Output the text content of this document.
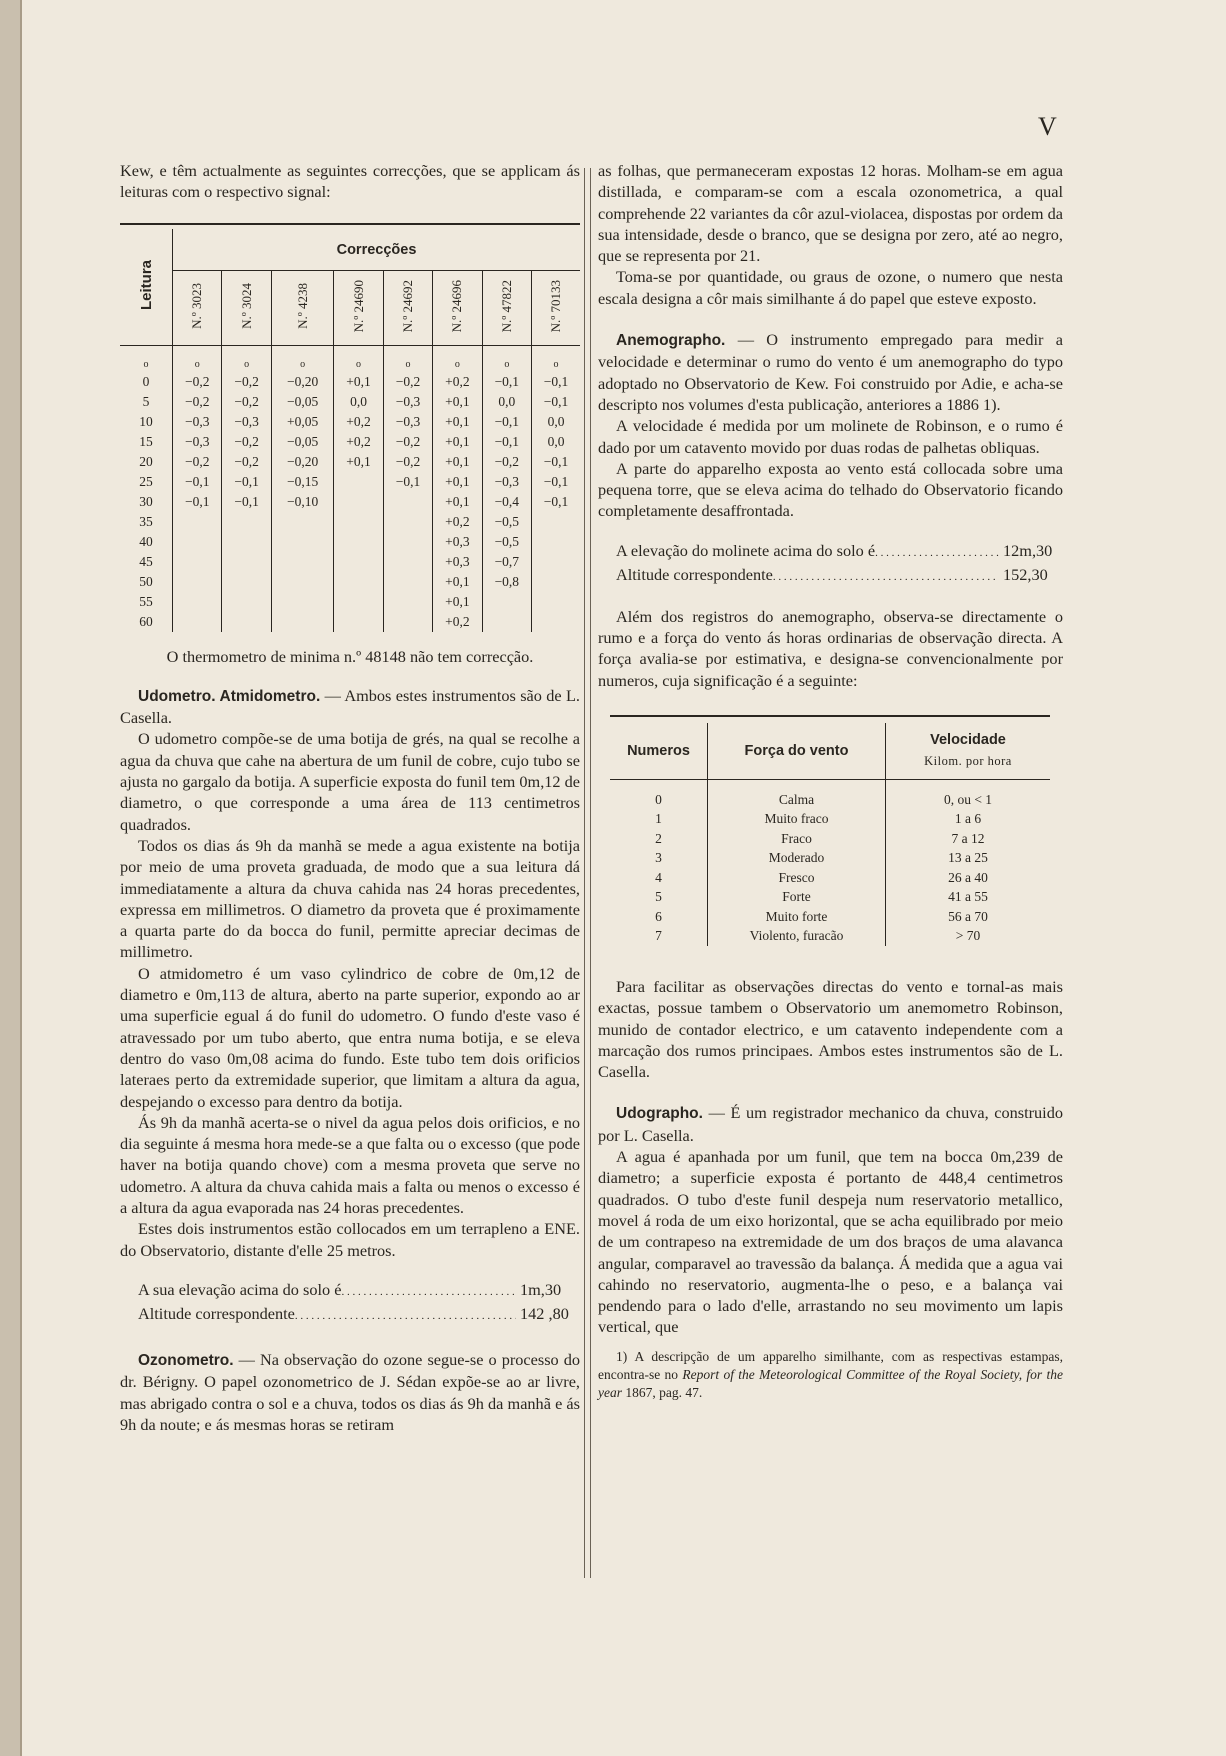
V

Kew, e têm actualmente as seguintes correcções, que se applicam ás leituras com o respectivo signal:

Leitura	Correcções							
	N.º 3023	N.º 3024	N.º 4238	N.º 24690	N.º 24692	N.º 24696	N.º 47822	N.º 70133
o	o	o	o	o	o	o	o	o
0	−0,2	−0,2	−0,20	+0,1	−0,2	+0,2	−0,1	−0,1
5	−0,2	−0,2	−0,05	0,0	−0,3	+0,1	0,0	−0,1
10	−0,3	−0,3	+0,05	+0,2	−0,3	+0,1	−0,1	0,0
15	−0,3	−0,2	−0,05	+0,2	−0,2	+0,1	−0,1	0,0
20	−0,2	−0,2	−0,20	+0,1	−0,2	+0,1	−0,2	−0,1
25	−0,1	−0,1	−0,15		−0,1	+0,1	−0,3	−0,1
30	−0,1	−0,1	−0,10			+0,1	−0,4	−0,1
35						+0,2	−0,5	
40						+0,3	−0,5	
45						+0,3	−0,7	
50						+0,1	−0,8	
55						+0,1		
60						+0,2		

O thermometro de minima n.º 48148 não tem correcção.

Udometro. Atmidometro. — Ambos estes instrumentos são de L. Casella.

O udometro compõe-se de uma botija de grés, na qual se recolhe a agua da chuva que cahe na abertura de um funil de cobre, cujo tubo se ajusta no gargalo da botija. A superficie exposta do funil tem 0m,12 de diametro, o que corresponde a uma área de 113 centimetros quadrados.

Todos os dias ás 9h da manhã se mede a agua existente na botija por meio de uma proveta graduada, de modo que a sua leitura dá immediatamente a altura da chuva cahida nas 24 horas precedentes, expressa em millimetros. O diametro da proveta que é proximamente a quarta parte do da bocca do funil, permitte apreciar decimas de millimetro.

O atmidometro é um vaso cylindrico de cobre de 0m,12 de diametro e 0m,113 de altura, aberto na parte superior, expondo ao ar uma superficie egual á do funil do udometro. O fundo d'este vaso é atravessado por um tubo aberto, que entra numa botija, e se eleva dentro do vaso 0m,08 acima do fundo. Este tubo tem dois orificios lateraes perto da extremidade superior, que limitam a altura da agua, despejando o excesso para dentro da botija.

Ás 9h da manhã acerta-se o nivel da agua pelos dois orificios, e no dia seguinte á mesma hora mede-se a que falta ou o excesso (que pode haver na botija quando chove) com a mesma proveta que serve no udometro. A altura da chuva cahida mais a falta ou menos o excesso é a altura da agua evaporada nas 24 horas precedentes.

Estes dois instrumentos estão collocados em um terrapleno a ENE. do Observatorio, distante d'elle 25 metros.

A sua elevação acima do solo é . . .	1m,30
Altitude correspondente . . .	142 ,80

Ozonometro. — Na observação do ozone segue-se o processo do dr. Bérigny. O papel ozonometrico de J. Sédan expõe-se ao ar livre, mas abrigado contra o sol e a chuva, todos os dias ás 9h da manhã e ás 9h da noute; e ás mesmas horas se retiram

as folhas, que permaneceram expostas 12 horas. Molham-se em agua distillada, e comparam-se com a escala ozonometrica, a qual comprehende 22 variantes da côr azul-violacea, dispostas por ordem da sua intensidade, desde o branco, que se designa por zero, até ao negro, que se representa por 21.

Toma-se por quantidade, ou graus de ozone, o numero que nesta escala designa a côr mais similhante á do papel que esteve exposto.

Anemographo. — O instrumento empregado para medir a velocidade e determinar o rumo do vento é um anemographo do typo adoptado no Observatorio de Kew. Foi construido por Adie, e acha-se descripto nos volumes d'esta publicação, anteriores a 1886 1).

A velocidade é medida por um molinete de Robinson, e o rumo é dado por um catavento movido por duas rodas de palhetas obliquas.

A parte do apparelho exposta ao vento está collocada sobre uma pequena torre, que se eleva acima do telhado do Observatorio ficando completamente desaffrontada.

A elevação do molinete acima do solo é . . .	12m,30
Altitude correspondente . . .	152,30

Além dos registros do anemographo, observa-se directamente o rumo e a força do vento ás horas ordinarias de observação directa. A força avalia-se por estimativa, e designa-se convencionalmente por numeros, cuja significação é a seguinte:

Numeros	Força do vento	Velocidade
Kilom. por hora

0	Calma	0, ou < 1
1	Muito fraco	1 a 6
2	Fraco	7 a 12
3	Moderado	13 a 25
4	Fresco	26 a 40
5	Forte	41 a 55
6	Muito forte	56 a 70
7	Violento, furacão	> 70

Para facilitar as observações directas do vento e tornal-as mais exactas, possue tambem o Observatorio um anemometro Robinson, munido de contador electrico, e um catavento independente com a marcação dos rumos principaes. Ambos estes instrumentos são de L. Casella.

Udographo. — É um registrador mechanico da chuva, construido por L. Casella.

A agua é apanhada por um funil, que tem na bocca 0m,239 de diametro; a superficie exposta é portanto de 448,4 centimetros quadrados. O tubo d'este funil despeja num reservatorio metallico, movel á roda de um eixo horizontal, que se acha equilibrado por meio de um contrapeso na extremidade de um dos braços de uma alavanca angular, comparavel ao travessão da balança. Á medida que a agua vai cahindo no reservatorio, augmenta-lhe o peso, e a balança vai pendendo para o lado d'elle, arrastando no seu movimento um lapis vertical, que

1) A descripção de um apparelho similhante, com as respectivas estampas, encontra-se no Report of the Meteorological Committee of the Royal Society, for the year 1867, pag. 47.
